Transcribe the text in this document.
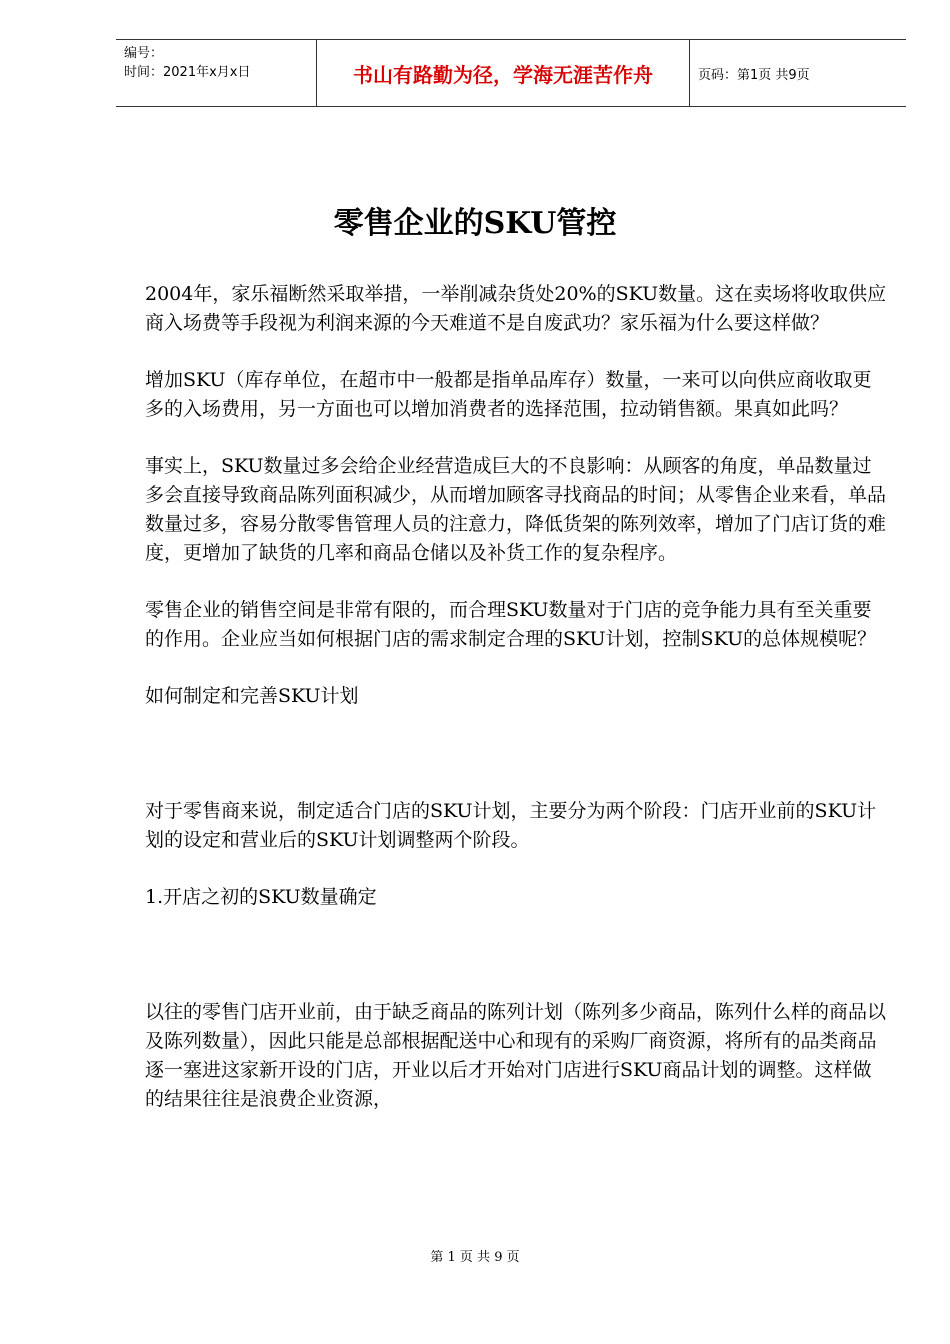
编号：
时间：2021年x月x日	书山有路勤为径，学海无涯苦作舟	页码：第1页 共9页
零售企业的SKU管控

2004年，家乐福断然采取举措，一举削减杂货处20%的SKU数量。这在卖场将收取供应商入场费等手段视为利润来源的今天难道不是自废武功？家乐福为什么要这样做？

增加SKU（库存单位，在超市中一般都是指单品库存）数量，一来可以向供应商收取更多的入场费用，另一方面也可以增加消费者的选择范围，拉动销售额。果真如此吗？

事实上，SKU数量过多会给企业经营造成巨大的不良影响：从顾客的角度，单品数量过多会直接导致商品陈列面积减少，从而增加顾客寻找商品的时间；从零售企业来看，单品数量过多，容易分散零售管理人员的注意力，降低货架的陈列效率，增加了门店订货的难度，更增加了缺货的几率和商品仓储以及补货工作的复杂程序。

零售企业的销售空间是非常有限的，而合理SKU数量对于门店的竞争能力具有至关重要的作用。企业应当如何根据门店的需求制定合理的SKU计划，控制SKU的总体规模呢？

如何制定和完善SKU计划

对于零售商来说，制定适合门店的SKU计划，主要分为两个阶段：门店开业前的SKU计划的设定和营业后的SKU计划调整两个阶段。

1.开店之初的SKU数量确定

以往的零售门店开业前，由于缺乏商品的陈列计划（陈列多少商品，陈列什么样的商品以及陈列数量），因此只能是总部根据配送中心和现有的采购厂商资源，将所有的品类商品逐一塞进这家新开设的门店，开业以后才开始对门店进行SKU商品计划的调整。这样做的结果往往是浪费企业资源，

第 1 页 共 9 页
